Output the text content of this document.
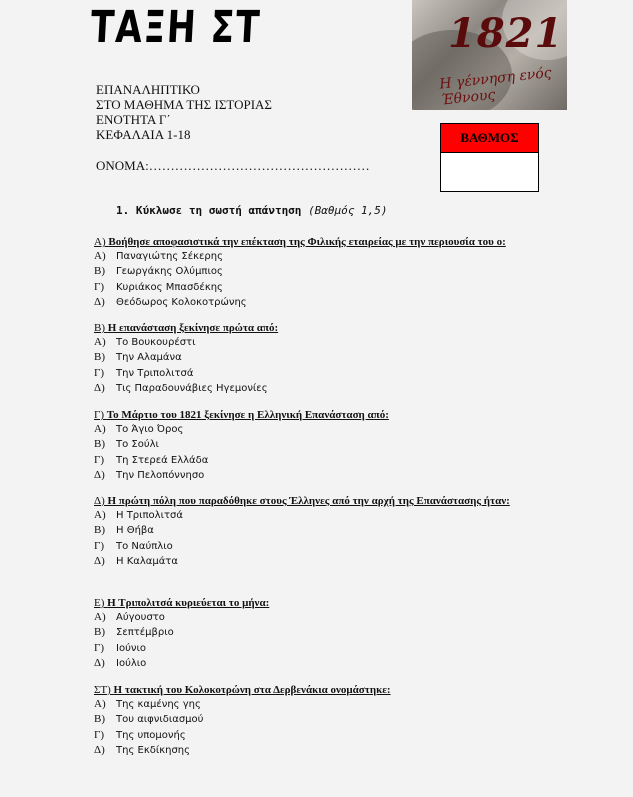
ΤΑΞΗ ΣΤ	1821
Η γέννηση ενός Έθνους
ΕΠΑΝΑΛΗΠΤΙΚΟ
ΣΤΟ ΜΑΘΗΜΑ ΤΗΣ ΙΣΤΟΡΙΑΣ
ΕΝΟΤΗΤΑ Γ΄
ΚΕΦΑΛΑΙΑ 1-18	ΒΑΘΜΟΣ
ΟΝΟΜΑ:……………………………………………
1. Κύκλωσε τη σωστή απάντηση (Βαθμός 1,5)
Α) Βοήθησε αποφασιστικά την επέκταση της Φιλικής εταιρείας με την περιουσία του ο:
Α) Παναγιώτης Σέκερης
Β) Γεωργάκης Ολύμπιος
Γ) Κυριάκος Μπασδέκης
Δ) Θεόδωρος Κολοκοτρώνης
Β) Η επανάσταση ξεκίνησε πρώτα από:
Α) Το Βουκουρέστι
Β) Την Αλαμάνα
Γ) Την Τριπολιτσά
Δ) Τις Παραδουνάβιες Ηγεμονίες
Γ) Το Μάρτιο του 1821 ξεκίνησε η Ελληνική Επανάσταση από:
Α) Το Άγιο Όρος
Β) Το Σούλι
Γ) Τη Στερεά Ελλάδα
Δ) Την Πελοπόννησο
Δ) Η πρώτη πόλη που παραδόθηκε στους Έλληνες από την αρχή της Επανάστασης ήταν:
Α) Η Τριπολιτσά
Β) Η Θήβα
Γ) Το Ναύπλιο
Δ) Η Καλαμάτα
Ε) Η Τριπολιτσά κυριεύεται το μήνα:
Α) Αύγουστο
Β) Σεπτέμβριο
Γ) Ιούνιο
Δ) Ιούλιο
ΣΤ) Η τακτική του Κολοκοτρώνη στα Δερβενάκια ονομάστηκε:
Α) Της καμένης γης
Β) Του αιφνιδιασμού
Γ) Της υπομονής
Δ) Της Εκδίκησης
